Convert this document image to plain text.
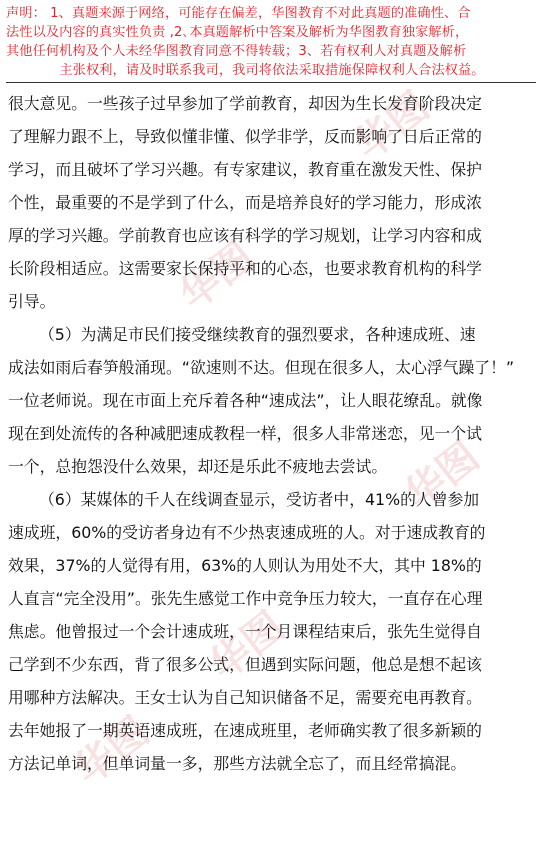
华图
华图
华图
华图
华图
声明： 1、真题来源于网络，可能存在偏差，华图教育不对此真题的准确性、合
法性以及内容的真实性负责 ,2､本真题解析中答案及解析为华图教育独家解析，
其他任何机构及个人未经华图教育同意不得转载；3、若有权利人对真题及解析
主张权利，请及时联系我司，我司将依法采取措施保障权利人合法权益。
很大意见。一些孩子过早参加了学前教育，却因为生长发育阶段决定
了理解力跟不上，导致似懂非懂、似学非学，反而影响了日后正常的
学习，而且破坏了学习兴趣。有专家建议，教育重在激发天性、保护
个性，最重要的不是学到了什么，而是培养良好的学习能力，形成浓
厚的学习兴趣。学前教育也应该有科学的学习规划，让学习内容和成
长阶段相适应。这需要家长保持平和的心态，也要求教育机构的科学
引导。
（5）为满足市民们接受继续教育的强烈要求，各种速成班、速
成法如雨后春笋般涌现。“欲速则不达。但现在很多人，太心浮气躁了！”
一位老师说。现在市面上充斥着各种“速成法”，让人眼花缭乱。就像
现在到处流传的各种减肥速成教程一样，很多人非常迷恋，见一个试
一个，总抱怨没什么效果，却还是乐此不疲地去尝试。
（6）某媒体的千人在线调查显示，受访者中，41%的人曾参加
速成班，60%的受访者身边有不少热衷速成班的人。对于速成教育的
效果，37%的人觉得有用，63%的人则认为用处不大，其中 18%的
人直言“完全没用”。张先生感觉工作中竞争压力较大，一直存在心理
焦虑。他曾报过一个会计速成班，一个月课程结束后，张先生觉得自
己学到不少东西，背了很多公式，但遇到实际问题，他总是想不起该
用哪种方法解决。王女士认为自己知识储备不足，需要充电再教育。
去年她报了一期英语速成班，在速成班里，老师确实教了很多新颖的
方法记单词，但单词量一多，那些方法就全忘了，而且经常搞混。
